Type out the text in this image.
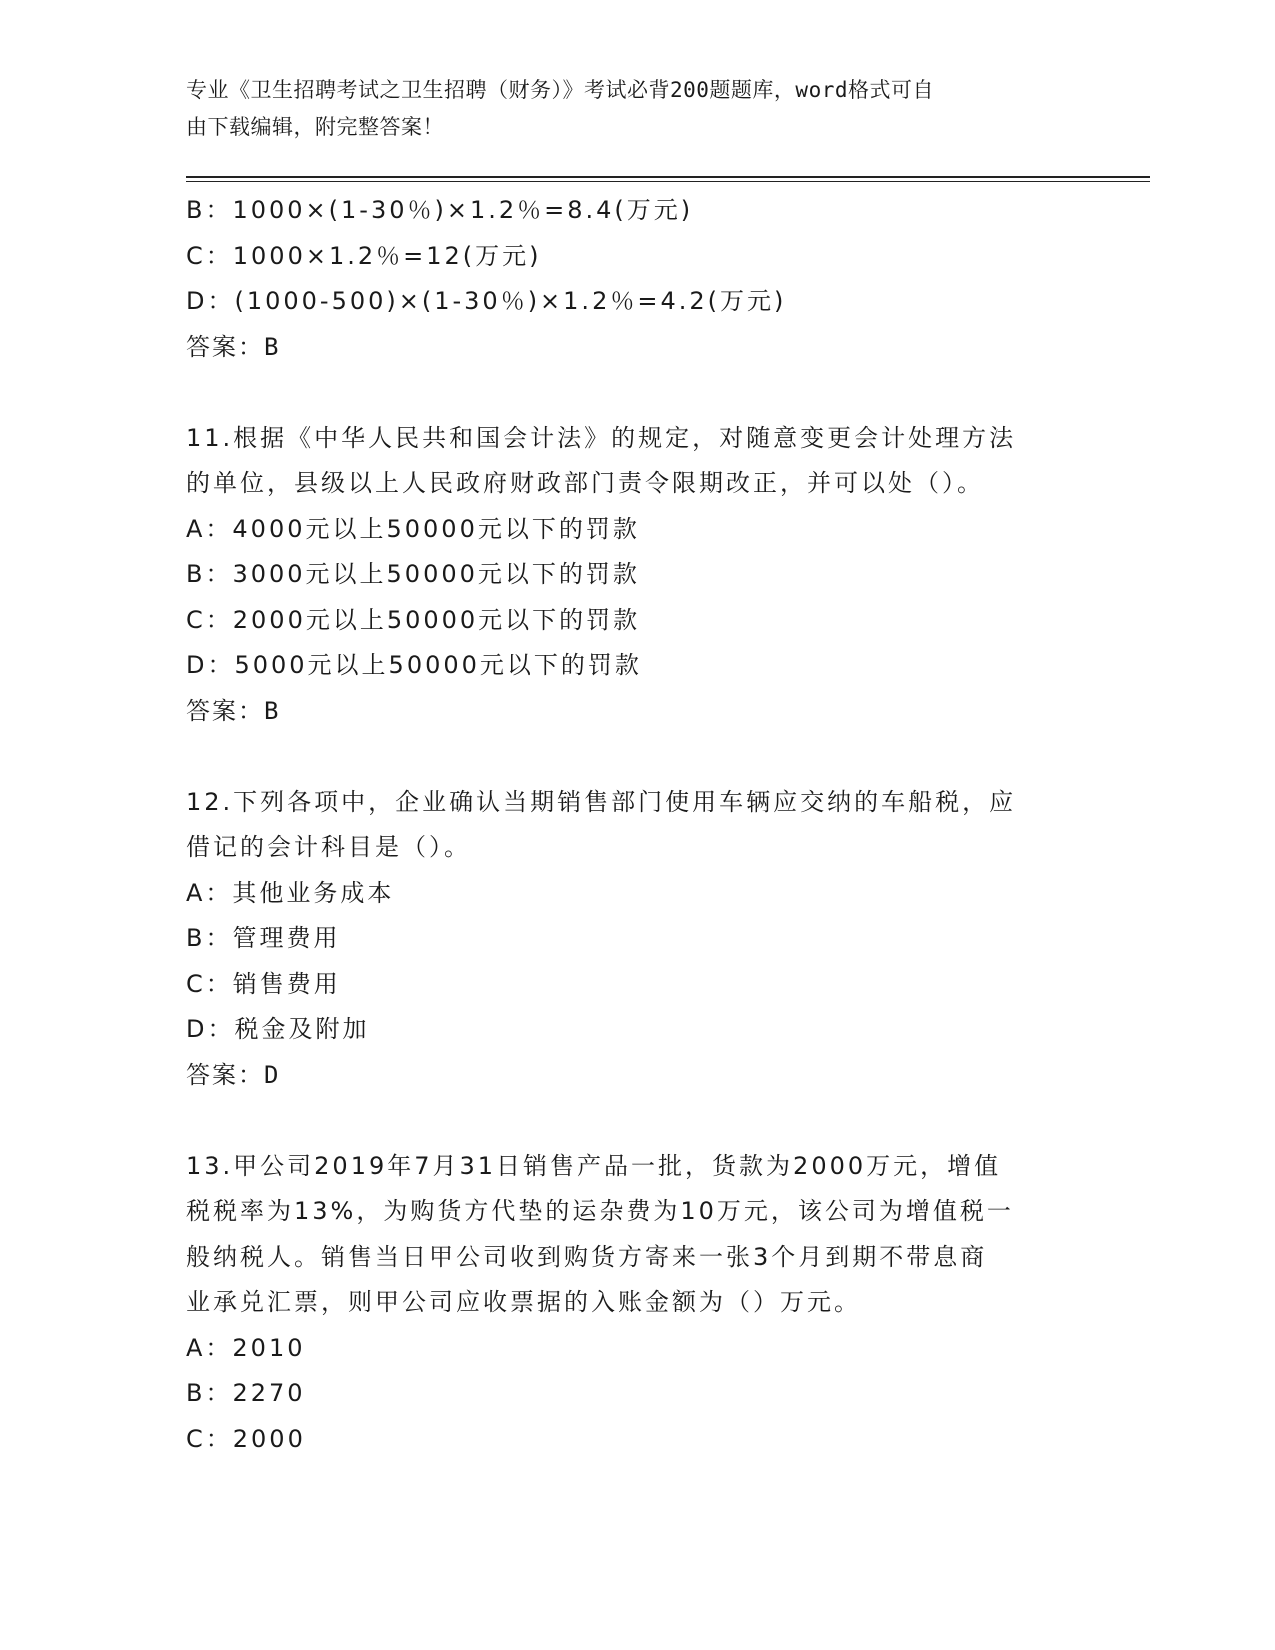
专业《卫生招聘考试之卫生招聘（财务）》考试必背200题题库，word格式可自
由下载编辑，附完整答案！
B：1000×(1-30％)×1.2％=8.4(万元)
C：1000×1.2％=12(万元)
D：(1000-500)×(1-30％)×1.2％=4.2(万元)
答案：B
11.根据《中华人民共和国会计法》的规定，对随意变更会计处理方法
的单位，县级以上人民政府财政部门责令限期改正，并可以处（）。
A：4000元以上50000元以下的罚款
B：3000元以上50000元以下的罚款
C：2000元以上50000元以下的罚款
D：5000元以上50000元以下的罚款
答案：B
12.下列各项中，企业确认当期销售部门使用车辆应交纳的车船税，应
借记的会计科目是（）。
A：其他业务成本
B：管理费用
C：销售费用
D：税金及附加
答案：D
13.甲公司2019年7月31日销售产品一批，货款为2000万元，增值
税税率为13%，为购货方代垫的运杂费为10万元，该公司为增值税一
般纳税人。销售当日甲公司收到购货方寄来一张3个月到期不带息商
业承兑汇票，则甲公司应收票据的入账金额为（）万元。
A：2010
B：2270
C：2000
